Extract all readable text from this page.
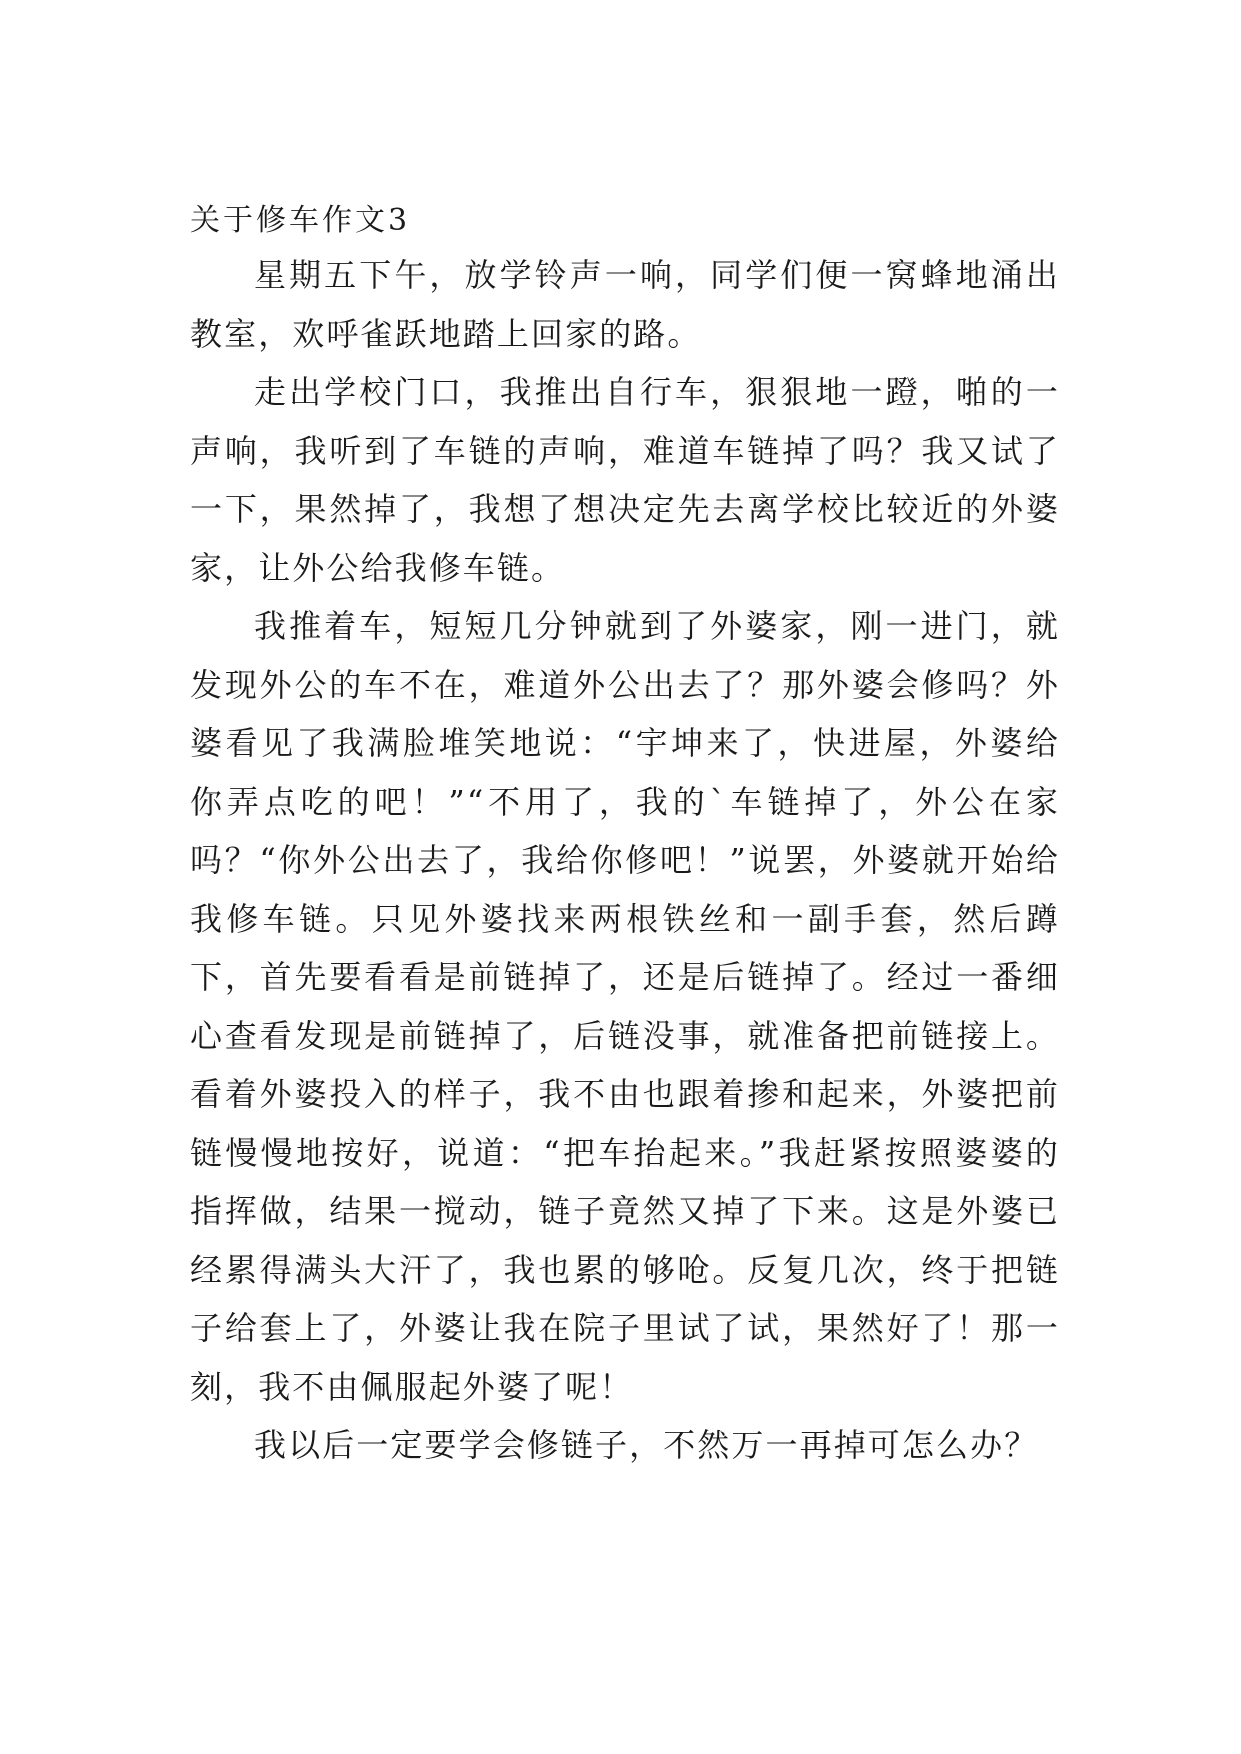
关于修车作文3

星期五下午，放学铃声一响，同学们便一窝蜂地涌出教室，欢呼雀跃地踏上回家的路。

走出学校门口，我推出自行车，狠狠地一蹬，啪的一声响，我听到了车链的声响，难道车链掉了吗？我又试了一下，果然掉了，我想了想决定先去离学校比较近的外婆家，让外公给我修车链。

我推着车，短短几分钟就到了外婆家，刚一进门，就发现外公的车不在，难道外公出去了？那外婆会修吗？外婆看见了我满脸堆笑地说：“宇坤来了，快进屋，外婆给你弄点吃的吧！”“不用了，我的`车链掉了，外公在家吗？“你外公出去了，我给你修吧！”说罢，外婆就开始给我修车链。只见外婆找来两根铁丝和一副手套，然后蹲下，首先要看看是前链掉了，还是后链掉了。经过一番细心查看发现是前链掉了，后链没事，就准备把前链接上。看着外婆投入的样子，我不由也跟着掺和起来，外婆把前链慢慢地按好，说道：“把车抬起来。”我赶紧按照婆婆的指挥做，结果一搅动，链子竟然又掉了下来。这是外婆已经累得满头大汗了，我也累的够呛。反复几次，终于把链子给套上了，外婆让我在院子里试了试，果然好了！那一刻，我不由佩服起外婆了呢！

我以后一定要学会修链子，不然万一再掉可怎么办？
